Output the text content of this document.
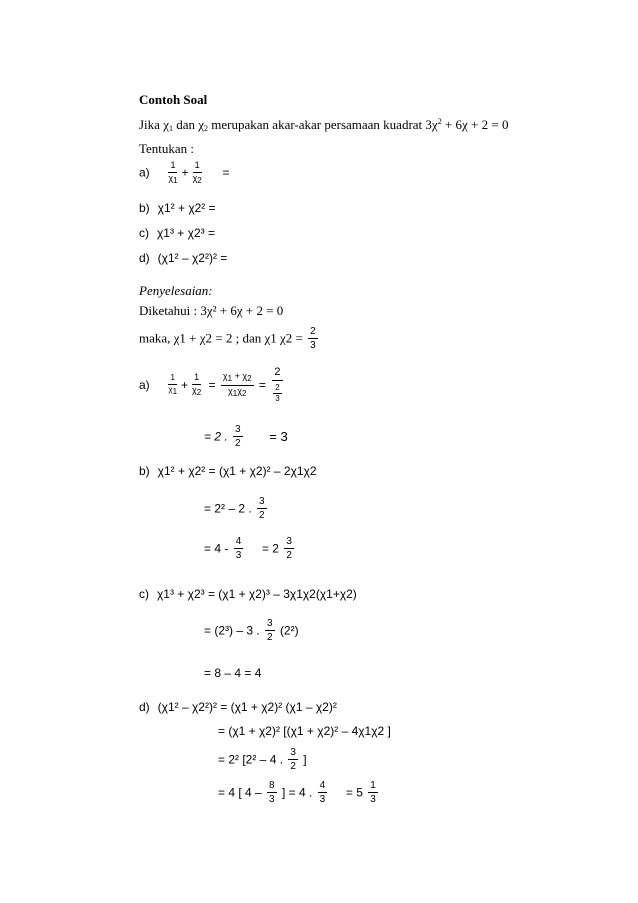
Contoh Soal
Jika $\chi_1$ dan $\chi_2$ merupakan akar-akar persamaan kuadrat $3\chi^2 + 6\chi + 2 = 0$
Tentukan :
$a) \frac{1}{\chi_1} + \frac{1}{\chi_2}$ =
b) χ1² + χ2² =
c) χ1³ + χ2³ =
d) (χ1² – χ2²)² =
Penyelesaian:
Diketahui : 3χ² + 6χ + 2 = 0
maka, χ1 + χ2 = 2 ; dan χ1 $\chi 2 = \frac{2}{3}$
$a) \frac{1}{\chi_1} + \frac{1}{\chi_2} = \frac{\chi_1 + \chi_2}{\chi_1\chi_2} = \frac{2}{\frac{2}{3}}$
= 2 . $\frac{3}{2} = 3$
b) χ1² + χ2² = (χ1 + χ2)² – 2χ1χ2
= 2² – 2 . $\frac{3}{2}$
= $4 - \frac{4}{3} = 2 \frac{3}{2}$
c) χ1³ + χ2³ = (χ1 + χ2)³ – 3χ1χ2(χ1+χ2)
= (2³) – 3 . $\frac{3}{2} (2^2)$
= 8 – 4 = 4
d) (χ1² – χ2²)² = (χ1 + χ2)² (χ1 – χ2)²
= (χ1 + χ2)² [(χ1 + χ2)² – 4χ1χ2 ]
= 2² [2² – 4 . $\frac{3}{2}$ ]
= 4 [ $4 - \frac{8}{3}$ ] = 4 . $\frac{4}{3} = 5 \frac{1}{3}$
